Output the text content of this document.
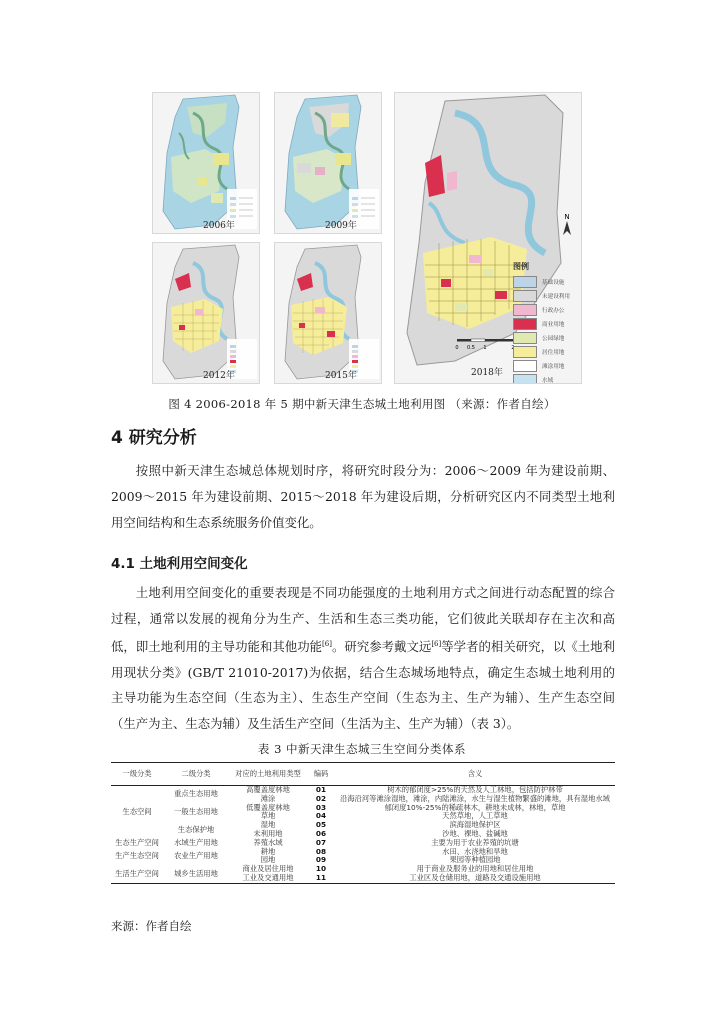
2006年	2009年
2012年	2015年
N
0 0.5 1
图例
基础设施
未建设利用
行政办公
商业用地
公园绿地
居住用地
滩涂用地
水域
2018年
图 4 2006-2018 年 5 期中新天津生态城土地利用图 （来源：作者自绘）
4 研究分析
按照中新天津生态城总体规划时序，将研究时段分为：2006～2009 年为建设前期、2009～2015 年为建设前期、2015～2018 年为建设后期，分析研究区内不同类型土地利用空间结构和生态系统服务价值变化。
4.1 土地利用空间变化
土地利用空间变化的重要表现是不同功能强度的土地利用方式之间进行动态配置的综合过程，通常以发展的视角分为生产、生活和生态三类功能，它们彼此关联却存在主次和高低，即土地利用的主导功能和其他功能[6]。研究参考戴文远[6]等学者的相关研究，以《土地利用现状分类》(GB/T 21010-2017)为依据，结合生态城场地特点，确定生态城土地利用的主导功能为生态空间（生态为主）、生态生产空间（生态为主、生产为辅）、生产生态空间（生产为主、生态为辅）及生活生产空间（生活为主、生产为辅）（表 3）。
表 3 中新天津生态城三生空间分类体系
一级分类	二级分类	对应的土地利用类型	编码	含义
生态空间	重点生态用地	高覆盖度林地	01	树木的郁闭度>25%的天然及人工林地，包括防护林带
		滩涂	02	沿海沿河等滩涂湿地，滩涂，内陆滩涂，水生与湿生植物繁盛的滩地，具有湿地水域
	一般生态用地	低覆盖度林地	03	郁闭度10%-25%的稀疏林木，耕地未成林，林地，草地
		草地	04	天然草地，人工草地
	生态保护地	湿地	05	滨海湿地保护区
		未利用地	06	沙地、裸地、盐碱地
生态生产空间	水域生产用地	养殖水域	07	主要为用于农业养殖的坑塘
生产生态空间	农业生产用地	耕地	08	水田、水浇地和旱地
		园地	09	果园等种植园地
生活生产空间	城乡生活用地	商业及居住用地	10	用于商业及服务业的用地和居住用地
		工业及交通用地	11	工业区及仓储用地，道路及交通设施用地
来源：作者自绘
